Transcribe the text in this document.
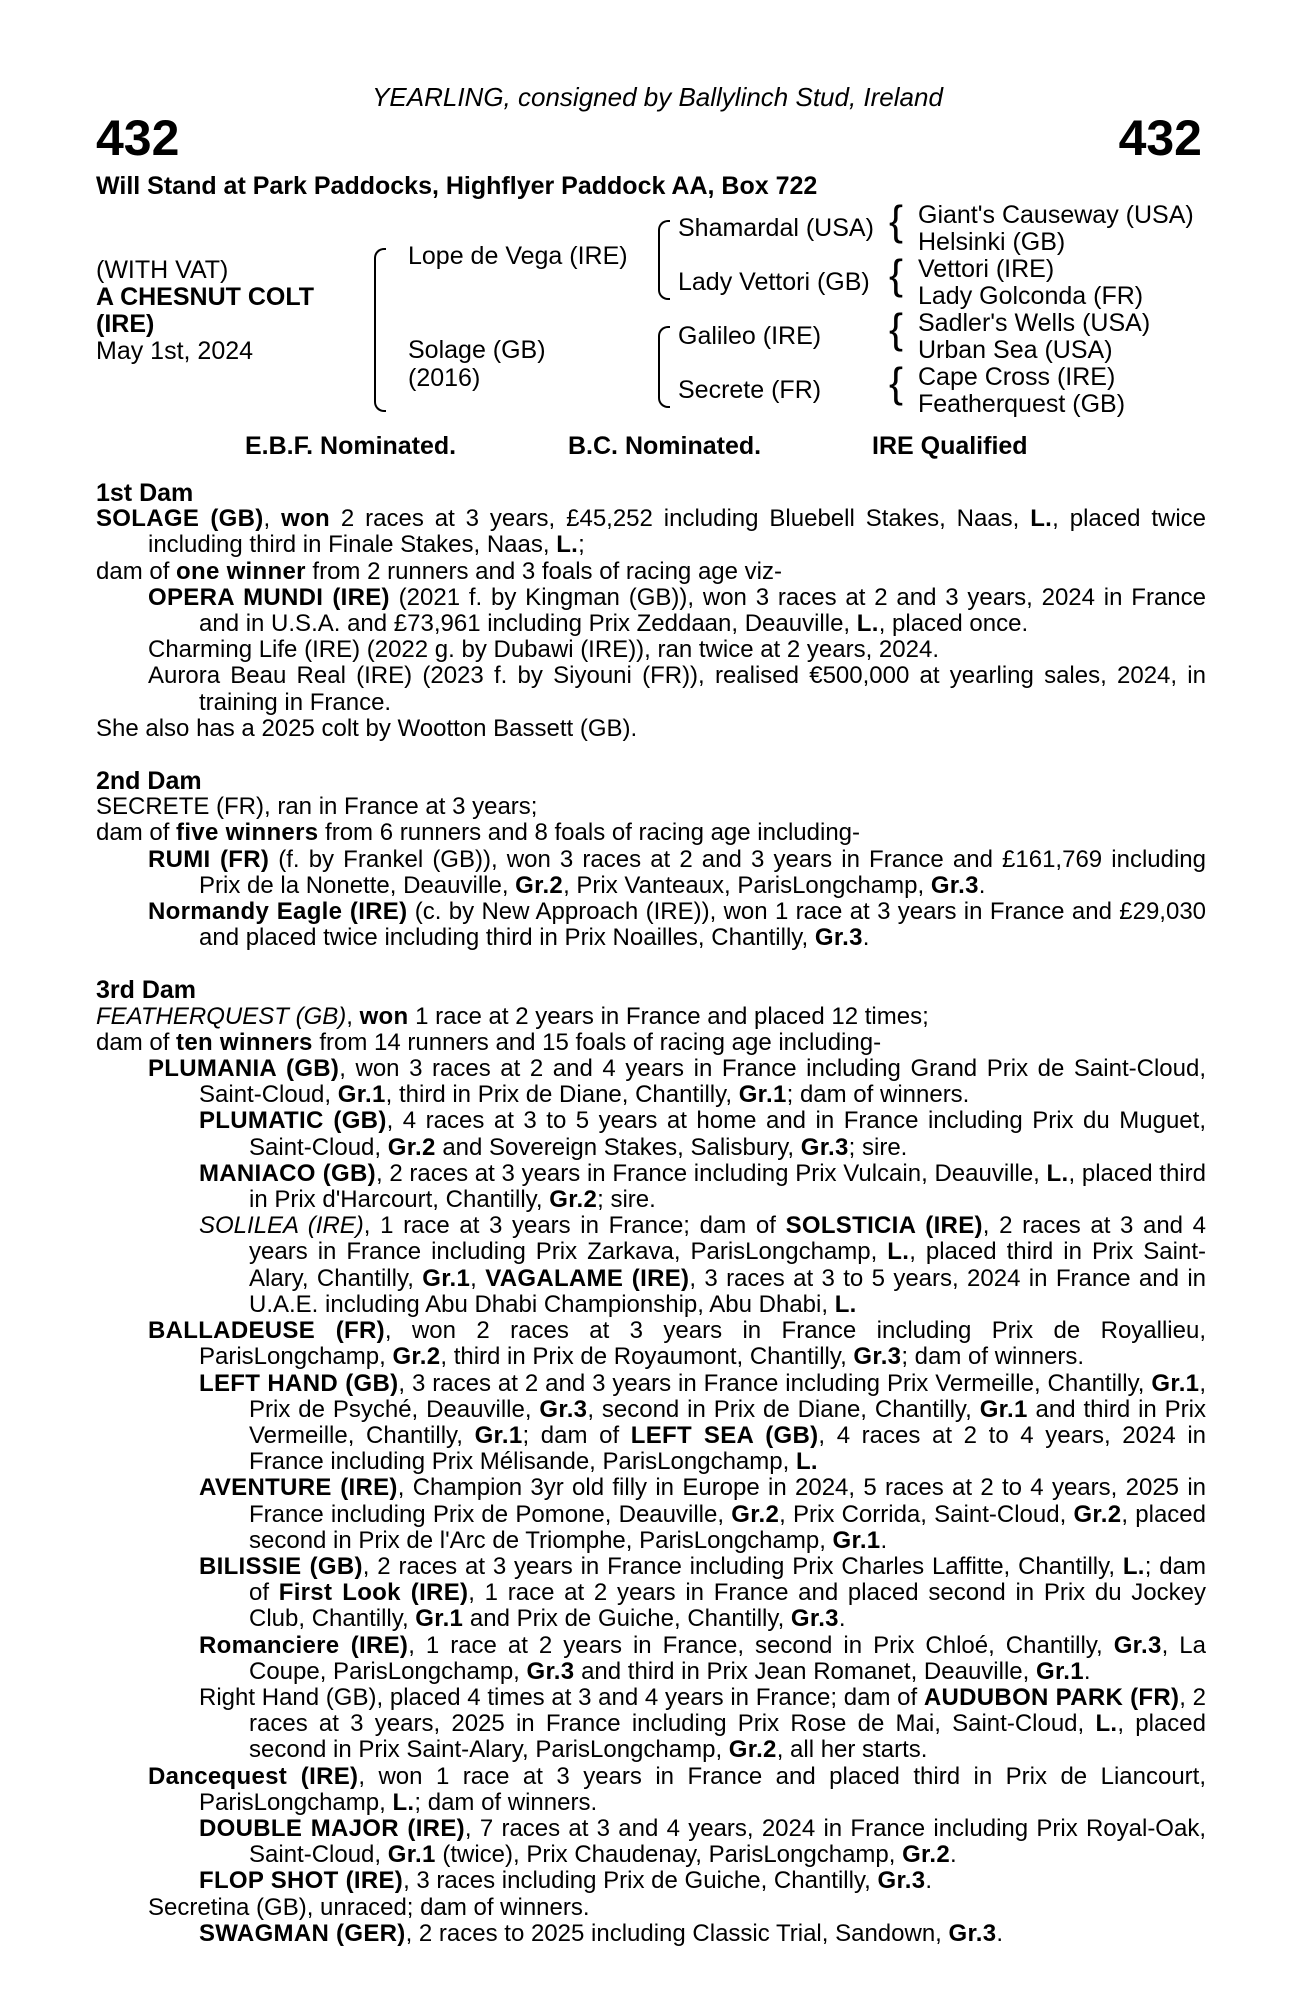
YEARLING, consigned by Ballylinch Stud, Ireland
432	432
Will Stand at Park Paddocks, Highflyer Paddock AA, Box 722
(WITH VAT)
A CHESNUT COLT
(IRE)
May 1st, 2024
Lope de Vega (IRE)
Solage (GB)
(2016)
Shamardal (USA)
Lady Vettori (GB)
Galileo (IRE)
Secrete (FR)
{ Giant's Causeway (USA)
Helsinki (GB)
{ Vettori (IRE)
Lady Golconda (FR)
{ Sadler's Wells (USA)
Urban Sea (USA)
{ Cape Cross (IRE)
Featherquest (GB)
E.B.F. Nominated.	B.C. Nominated.	IRE Qualified

1st Dam

SOLAGE (GB), won 2 races at 3 years, £45,252 including Bluebell Stakes, Naas, L., placed twice including third in Finale Stakes, Naas, L.;

dam of one winner from 2 runners and 3 foals of racing age viz-

OPERA MUNDI (IRE) (2021 f. by Kingman (GB)), won 3 races at 2 and 3 years, 2024 in France and in U.S.A. and £73,961 including Prix Zeddaan, Deauville, L., placed once.

Charming Life (IRE) (2022 g. by Dubawi (IRE)), ran twice at 2 years, 2024.

Aurora Beau Real (IRE) (2023 f. by Siyouni (FR)), realised €500,000 at yearling sales, 2024, in training in France.

She also has a 2025 colt by Wootton Bassett (GB).

2nd Dam

SECRETE (FR), ran in France at 3 years;

dam of five winners from 6 runners and 8 foals of racing age including-

RUMI (FR) (f. by Frankel (GB)), won 3 races at 2 and 3 years in France and £161,769 including Prix de la Nonette, Deauville, Gr.2, Prix Vanteaux, ParisLongchamp, Gr.3.

Normandy Eagle (IRE) (c. by New Approach (IRE)), won 1 race at 3 years in France and £29,030 and placed twice including third in Prix Noailles, Chantilly, Gr.3.

3rd Dam

FEATHERQUEST (GB), won 1 race at 2 years in France and placed 12 times;

dam of ten winners from 14 runners and 15 foals of racing age including-

PLUMANIA (GB), won 3 races at 2 and 4 years in France including Grand Prix de Saint-Cloud, Saint-Cloud, Gr.1, third in Prix de Diane, Chantilly, Gr.1; dam of winners.

PLUMATIC (GB), 4 races at 3 to 5 years at home and in France including Prix du Muguet, Saint-Cloud, Gr.2 and Sovereign Stakes, Salisbury, Gr.3; sire.

MANIACO (GB), 2 races at 3 years in France including Prix Vulcain, Deauville, L., placed third in Prix d'Harcourt, Chantilly, Gr.2; sire.

SOLILEA (IRE), 1 race at 3 years in France; dam of SOLSTICIA (IRE), 2 races at 3 and 4 years in France including Prix Zarkava, ParisLongchamp, L., placed third in Prix Saint-Alary, Chantilly, Gr.1, VAGALAME (IRE), 3 races at 3 to 5 years, 2024 in France and in U.A.E. including Abu Dhabi Championship, Abu Dhabi, L.

BALLADEUSE (FR), won 2 races at 3 years in France including Prix de Royallieu, ParisLongchamp, Gr.2, third in Prix de Royaumont, Chantilly, Gr.3; dam of winners.

LEFT HAND (GB), 3 races at 2 and 3 years in France including Prix Vermeille, Chantilly, Gr.1, Prix de Psyché, Deauville, Gr.3, second in Prix de Diane, Chantilly, Gr.1 and third in Prix Vermeille, Chantilly, Gr.1; dam of LEFT SEA (GB), 4 races at 2 to 4 years, 2024 in France including Prix Mélisande, ParisLongchamp, L.

AVENTURE (IRE), Champion 3yr old filly in Europe in 2024, 5 races at 2 to 4 years, 2025 in France including Prix de Pomone, Deauville, Gr.2, Prix Corrida, Saint-Cloud, Gr.2, placed second in Prix de l'Arc de Triomphe, ParisLongchamp, Gr.1.

BILISSIE (GB), 2 races at 3 years in France including Prix Charles Laffitte, Chantilly, L.; dam of First Look (IRE), 1 race at 2 years in France and placed second in Prix du Jockey Club, Chantilly, Gr.1 and Prix de Guiche, Chantilly, Gr.3.

Romanciere (IRE), 1 race at 2 years in France, second in Prix Chloé, Chantilly, Gr.3, La Coupe, ParisLongchamp, Gr.3 and third in Prix Jean Romanet, Deauville, Gr.1.

Right Hand (GB), placed 4 times at 3 and 4 years in France; dam of AUDUBON PARK (FR), 2 races at 3 years, 2025 in France including Prix Rose de Mai, Saint-Cloud, L., placed second in Prix Saint-Alary, ParisLongchamp, Gr.2, all her starts.

Dancequest (IRE), won 1 race at 3 years in France and placed third in Prix de Liancourt, ParisLongchamp, L.; dam of winners.

DOUBLE MAJOR (IRE), 7 races at 3 and 4 years, 2024 in France including Prix Royal-Oak, Saint-Cloud, Gr.1 (twice), Prix Chaudenay, ParisLongchamp, Gr.2.

FLOP SHOT (IRE), 3 races including Prix de Guiche, Chantilly, Gr.3.

Secretina (GB), unraced; dam of winners.

SWAGMAN (GER), 2 races to 2025 including Classic Trial, Sandown, Gr.3.
